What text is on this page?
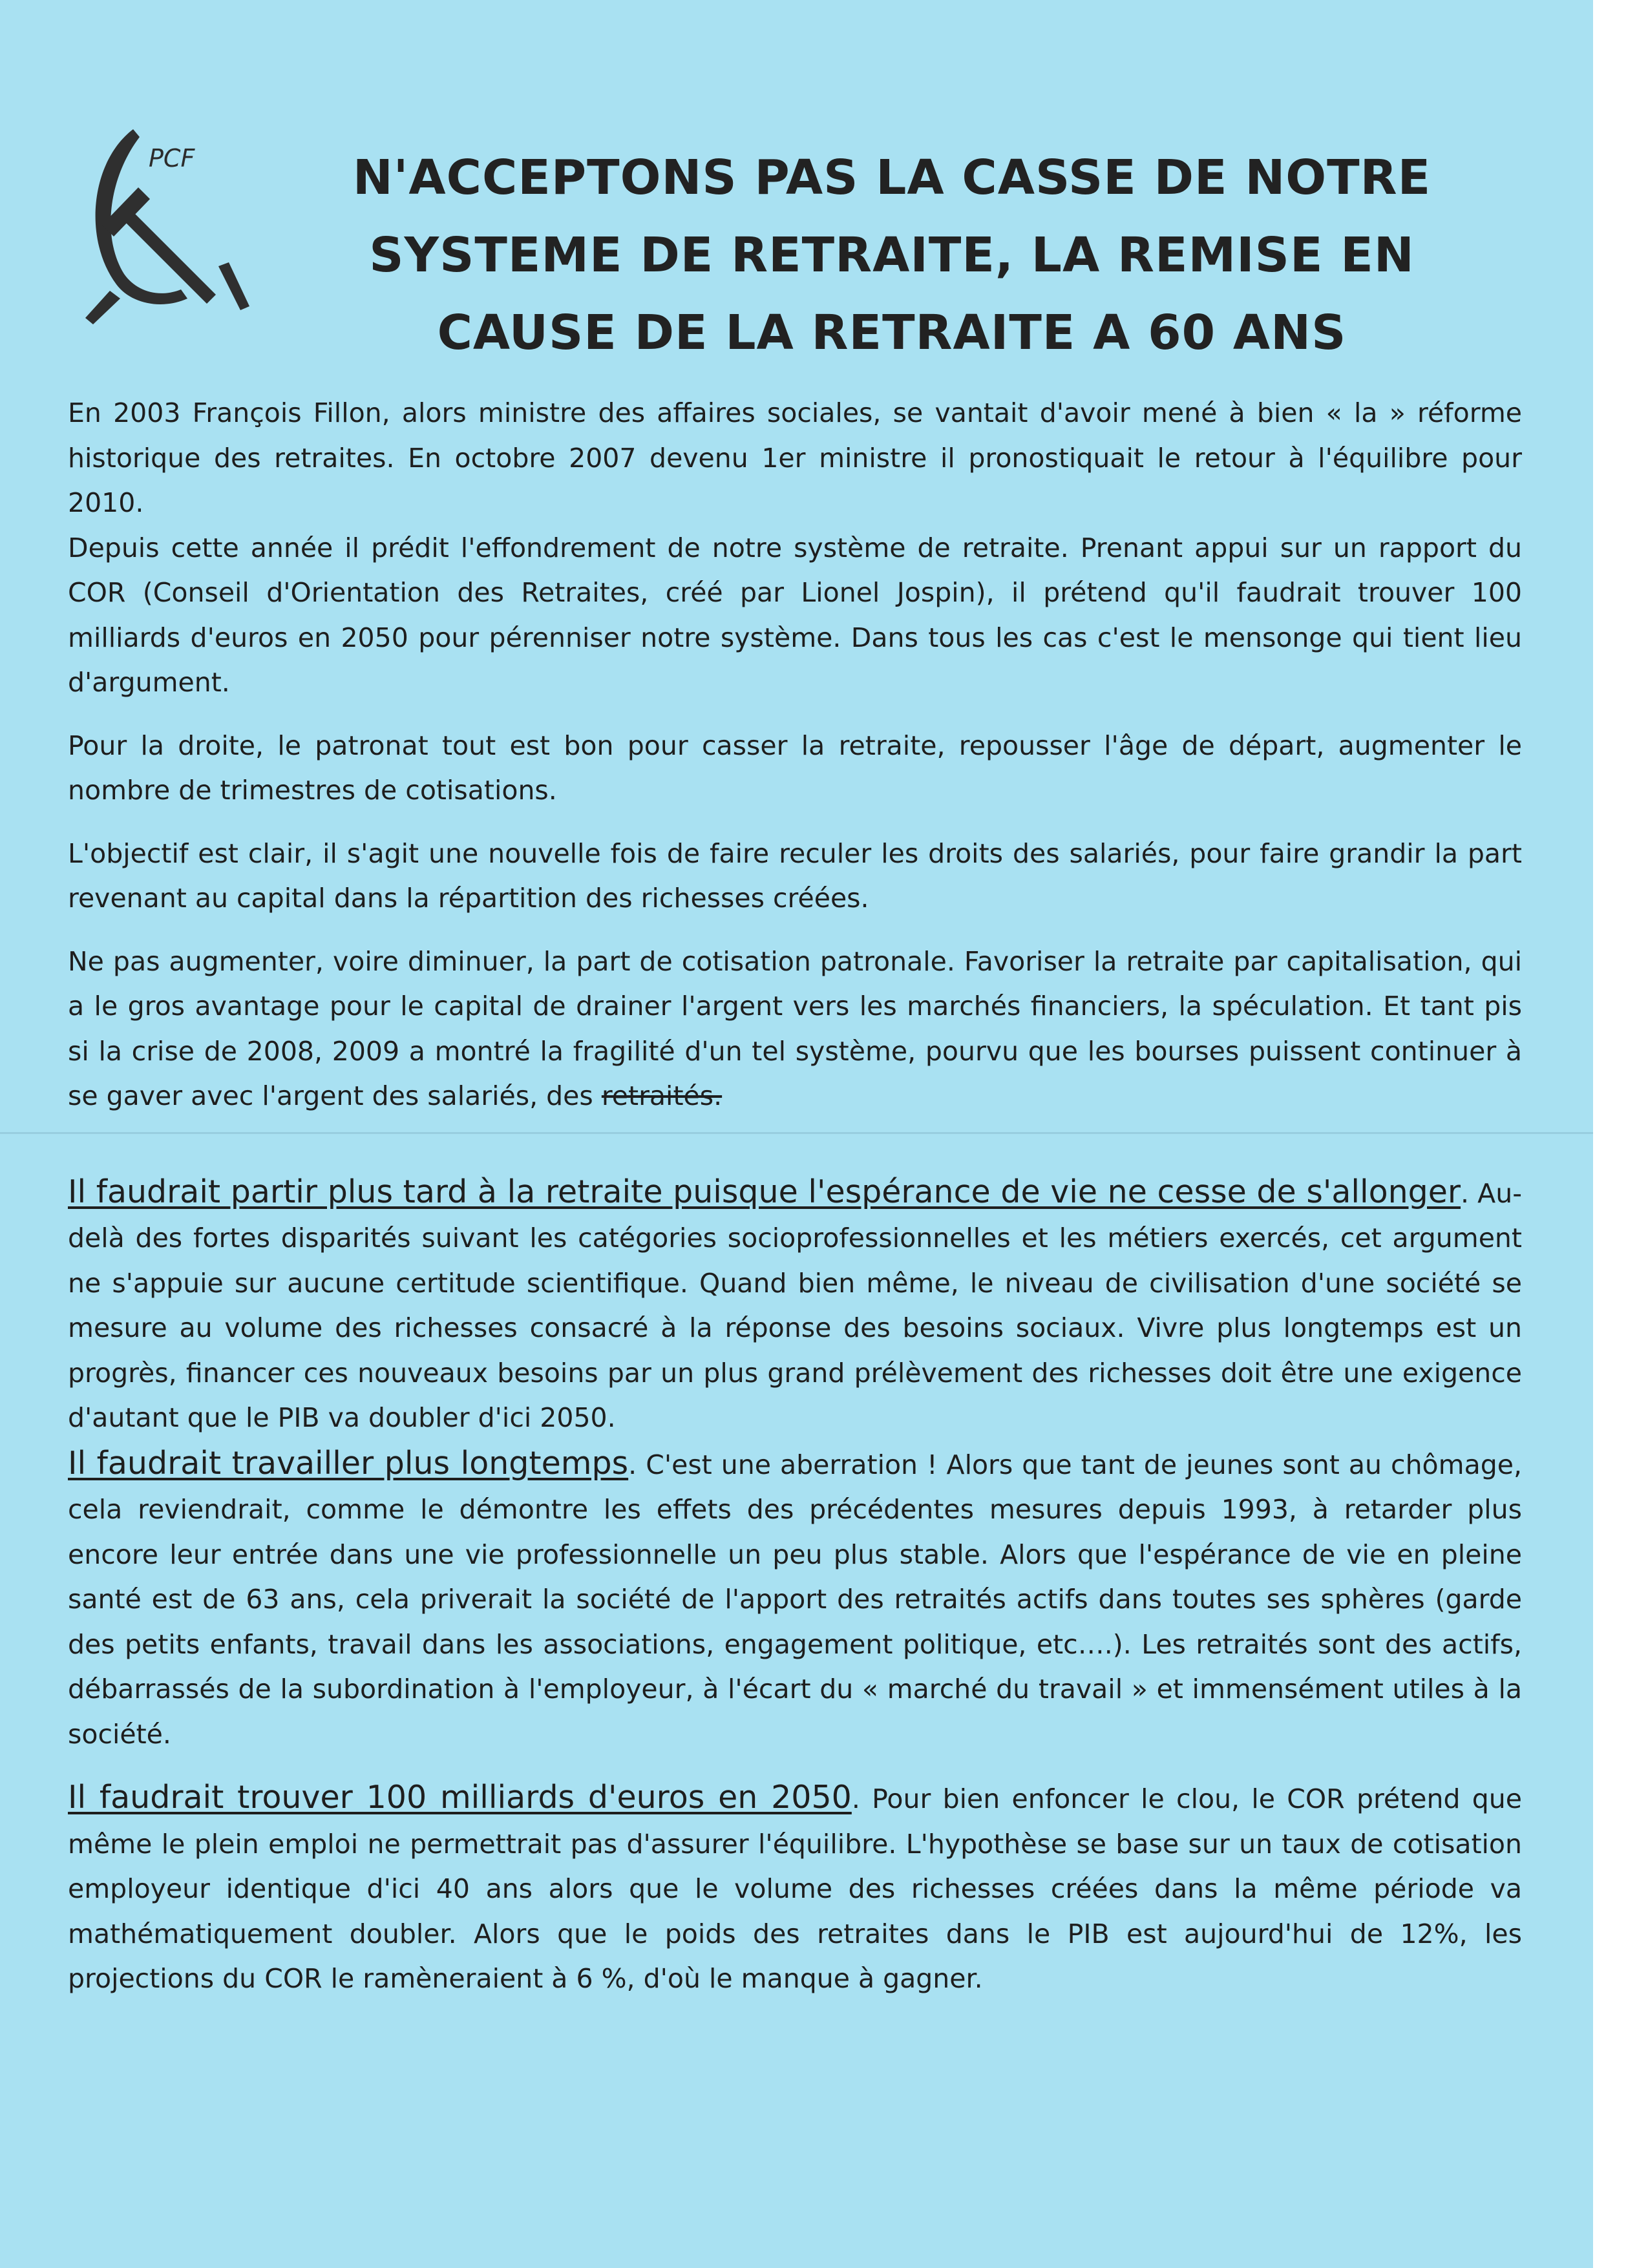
PCF	N'ACCEPTONS PAS LA CASSE DE NOTRE
SYSTEME DE RETRAITE, LA REMISE EN
CAUSE DE LA RETRAITE A 60 ANS

En 2003 François Fillon, alors ministre des affaires sociales, se vantait d'avoir mené à bien « la » réforme historique des retraites. En octobre 2007 devenu 1er ministre il pronostiquait le retour à l'équilibre pour 2010.

Depuis cette année il prédit l'effondrement de notre système de retraite. Prenant appui sur un rapport du COR (Conseil d'Orientation des Retraites, créé par Lionel Jospin), il prétend qu'il faudrait trouver 100 milliards d'euros en 2050 pour pérenniser notre système. Dans tous les cas c'est le mensonge qui tient lieu d'argument.

Pour la droite, le patronat tout est bon pour casser la retraite, repousser l'âge de départ, augmenter le nombre de trimestres de cotisations.

L'objectif est clair, il s'agit une nouvelle fois de faire reculer les droits des salariés, pour faire grandir la part revenant au capital dans la répartition des richesses créées.

Ne pas augmenter, voire diminuer, la part de cotisation patronale. Favoriser la retraite par capitalisation, qui a le gros avantage pour le capital de drainer l'argent vers les marchés financiers, la spéculation. Et tant pis si la crise de 2008, 2009 a montré la fragilité d'un tel système, pourvu que les bourses puissent continuer à se gaver avec l'argent des salariés, des retraités.

Il faudrait partir plus tard à la retraite puisque l'espérance de vie ne cesse de s'allonger. Au-delà des fortes disparités suivant les catégories socioprofessionnelles et les métiers exercés, cet argument ne s'appuie sur aucune certitude scientifique. Quand bien même, le niveau de civilisation d'une société se mesure au volume des richesses consacré à la réponse des besoins sociaux. Vivre plus longtemps est un progrès, financer ces nouveaux besoins par un plus grand prélèvement des richesses doit être une exigence d'autant que le PIB va doubler d'ici 2050.

Il faudrait travailler plus longtemps. C'est une aberration ! Alors que tant de jeunes sont au chômage, cela reviendrait, comme le démontre les effets des précédentes mesures depuis 1993, à retarder plus encore leur entrée dans une vie professionnelle un peu plus stable. Alors que l'espérance de vie en pleine santé est de 63 ans, cela priverait la société de l'apport des retraités actifs dans toutes ses sphères (garde des petits enfants, travail dans les associations, engagement politique, etc….). Les retraités sont des actifs, débarrassés de la subordination à l'employeur, à l'écart du « marché du travail » et immensément utiles à la société.

Il faudrait trouver 100 milliards d'euros en 2050. Pour bien enfoncer le clou, le COR prétend que même le plein emploi ne permettrait pas d'assurer l'équilibre. L'hypothèse se base sur un taux de cotisation employeur identique d'ici 40 ans alors que le volume des richesses créées dans la même période va mathématiquement doubler. Alors que le poids des retraites dans le PIB est aujourd'hui de 12%, les projections du COR le ramèneraient à 6 %, d'où le manque à gagner.
